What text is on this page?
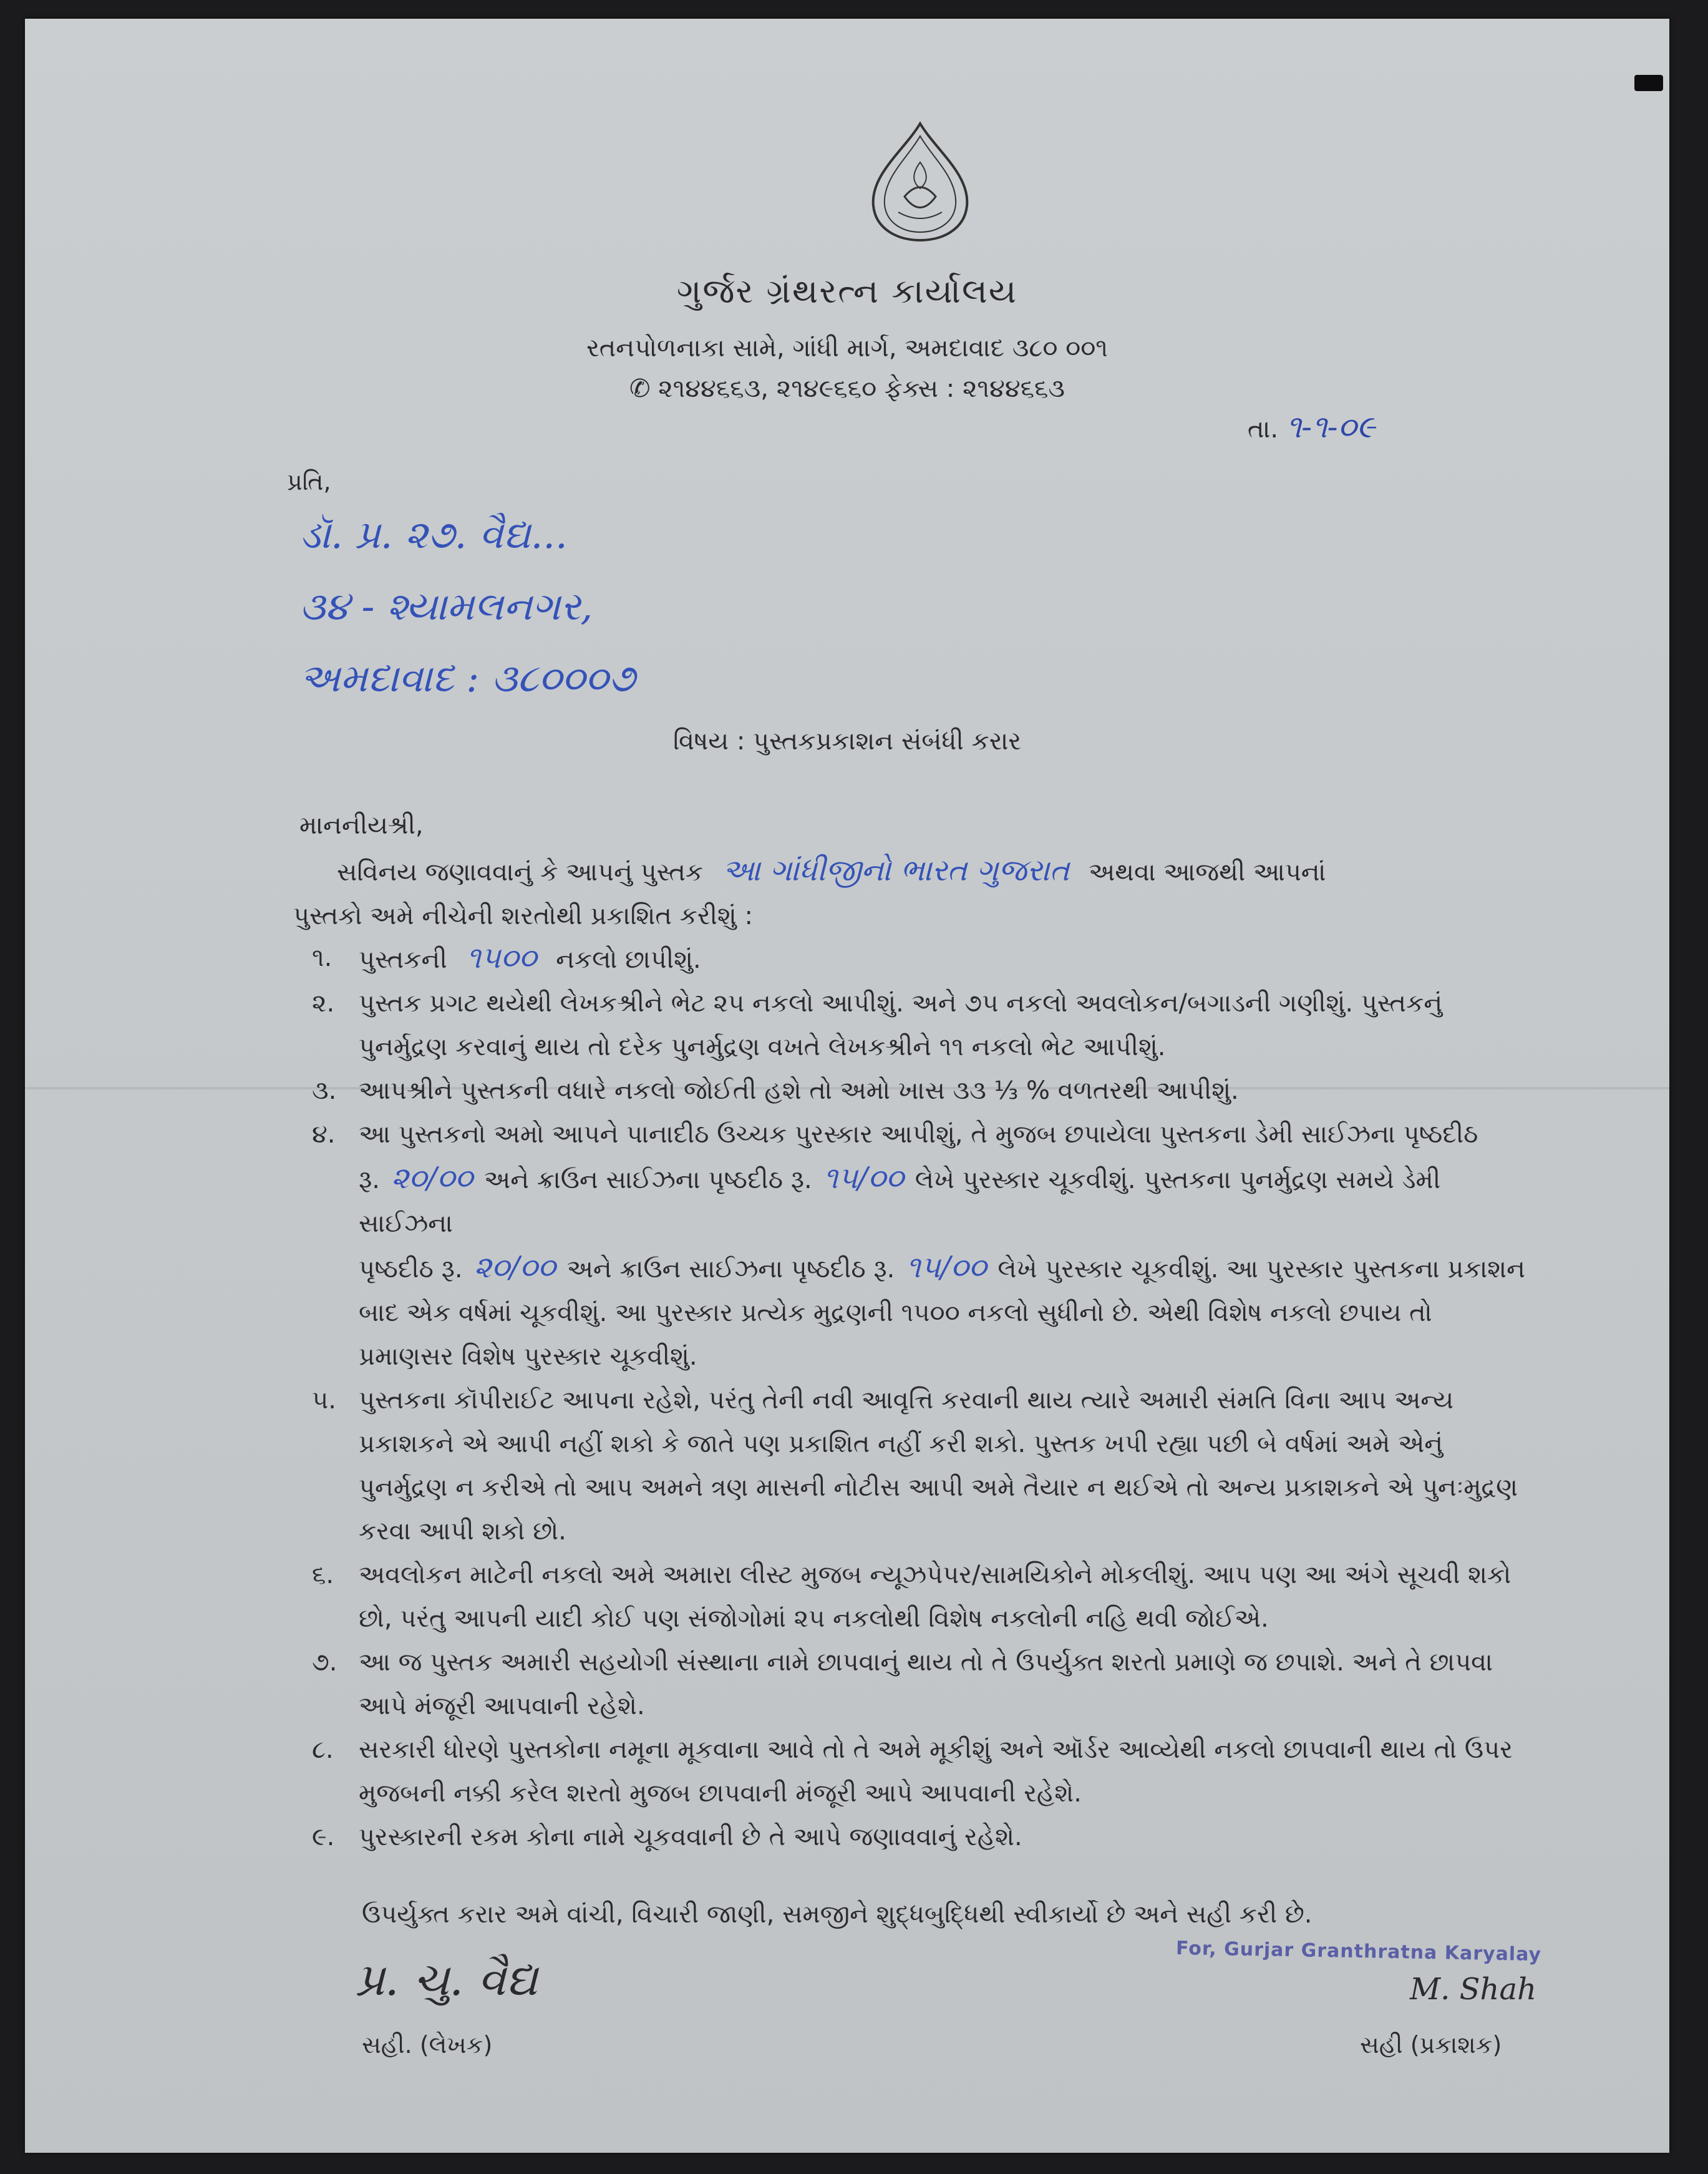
ગુર્જર ગ્રંથરત્ન કાર્યાલય
રતનપોળનાકા સામે, ગાંધી માર્ગ, અમદાવાદ ૩૮૦ ૦૦૧
✆ ૨૧૪૪૬૬૩, ૨૧૪૯૬૬૦ ફેક્સ : ૨૧૪૪૬૬૩
તા. ૧-૧-૦૯
પ્રતિ,
ડૉ. પ્ર. ૨૭. વૈદ્ય...
૩૪ - શ્યામલનગર,
અમદાવાદ : ૩૮૦૦૦૭
વિષય : પુસ્તકપ્રકાશન સંબંધી કરાર
માનનીયશ્રી,
સવિનય જણાવવાનું કે આપનું પુસ્તક આ ગાંધીજીનો ભારત ગુજરાત અથવા આજથી આપનાં
પુસ્તકો અમે નીચેની શરતોથી પ્રકાશિત કરીશું :
૧. પુસ્તકની ૧૫૦૦ નકલો છાપીશું.
૨. પુસ્તક પ્રગટ થયેથી લેખકશ્રીને ભેટ ૨૫ નકલો આપીશું. અને ૭૫ નકલો અવલોકન/બગાડની ગણીશું. પુસ્તકનું પુનર્મુદ્રણ કરવાનું થાય તો દરેક પુનર્મુદ્રણ વખતે લેખકશ્રીને ૧૧ નકલો ભેટ આપીશું.
૩. આપશ્રીને પુસ્તકની વધારે નકલો જોઈતી હશે તો અમો ખાસ ૩૩ ⅓ % વળતરથી આપીશું.
૪. આ પુસ્તકનો અમો આપને પાનાદીઠ ઉચ્ચક પુરસ્કાર આપીશું, તે મુજબ છપાયેલા પુસ્તકના ડેમી સાઈઝના પૃષ્ઠદીઠ
રૂ. ૨૦/૦૦ અને ક્રાઉન સાઈઝના પૃષ્ઠદીઠ રૂ. ૧૫/૦૦ લેખે પુરસ્કાર ચૂકવીશું. પુસ્તકના પુનર્મુદ્રણ સમયે ડેમી સાઈઝના
પૃષ્ઠદીઠ રૂ. ૨૦/૦૦ અને ક્રાઉન સાઈઝના પૃષ્ઠદીઠ રૂ. ૧૫/૦૦ લેખે પુરસ્કાર ચૂકવીશું. આ પુરસ્કાર પુસ્તકના પ્રકાશન બાદ એક વર્ષમાં ચૂકવીશું. આ પુરસ્કાર પ્રત્યેક મુદ્રણની ૧૫૦૦ નકલો સુધીનો છે. એથી વિશેષ નકલો છપાય તો પ્રમાણસર વિશેષ પુરસ્કાર ચૂકવીશું.
૫. પુસ્તકના કૉપીરાઈટ આપના રહેશે, પરંતુ તેની નવી આવૃત્તિ કરવાની થાય ત્યારે અમારી સંમતિ વિના આપ અન્ય પ્રકાશકને એ આપી નહીં શકો કે જાતે પણ પ્રકાશિત નહીં કરી શકો. પુસ્તક ખપી રહ્યા પછી બે વર્ષમાં અમે એનું પુનર્મુદ્રણ ન કરીએ તો આપ અમને ત્રણ માસની નોટીસ આપી અમે તૈયાર ન થઈએ તો અન્ય પ્રકાશકને એ પુનઃમુદ્રણ કરવા આપી શકો છો.
૬. અવલોકન માટેની નકલો અમે અમારા લીસ્ટ મુજબ ન્યૂઝપેપર/સામયિકોને મોકલીશું. આપ પણ આ અંગે સૂચવી શકો છો, પરંતુ આપની યાદી કોઈ પણ સંજોગોમાં ૨૫ નકલોથી વિશેષ નકલોની નહિ થવી જોઈએ.
૭. આ જ પુસ્તક અમારી સહયોગી સંસ્થાના નામે છાપવાનું થાય તો તે ઉપર્યુક્ત શરતો પ્રમાણે જ છપાશે. અને તે છાપવા આપે મંજૂરી આપવાની રહેશે.
૮. સરકારી ધોરણે પુસ્તકોના નમૂના મૂકવાના આવે તો તે અમે મૂકીશું અને ઑર્ડર આવ્યેથી નકલો છાપવાની થાય તો ઉપર મુજબની નક્કી કરેલ શરતો મુજબ છાપવાની મંજૂરી આપે આપવાની રહેશે.
૯. પુરસ્કારની રકમ કોના નામે ચૂકવવાની છે તે આપે જણાવવાનું રહેશે.
ઉપર્યુક્ત કરાર અમે વાંચી, વિચારી જાણી, સમજીને શુદ્ધબુદ્ધિથી સ્વીકાર્યો છે અને સહી કરી છે.
For, Gurjar Granthratna Karyalay
પ્ર. ચુ. વૈદ્ય	M. Shah
સહી. (લેખક)	સહી (પ્રકાશક)
